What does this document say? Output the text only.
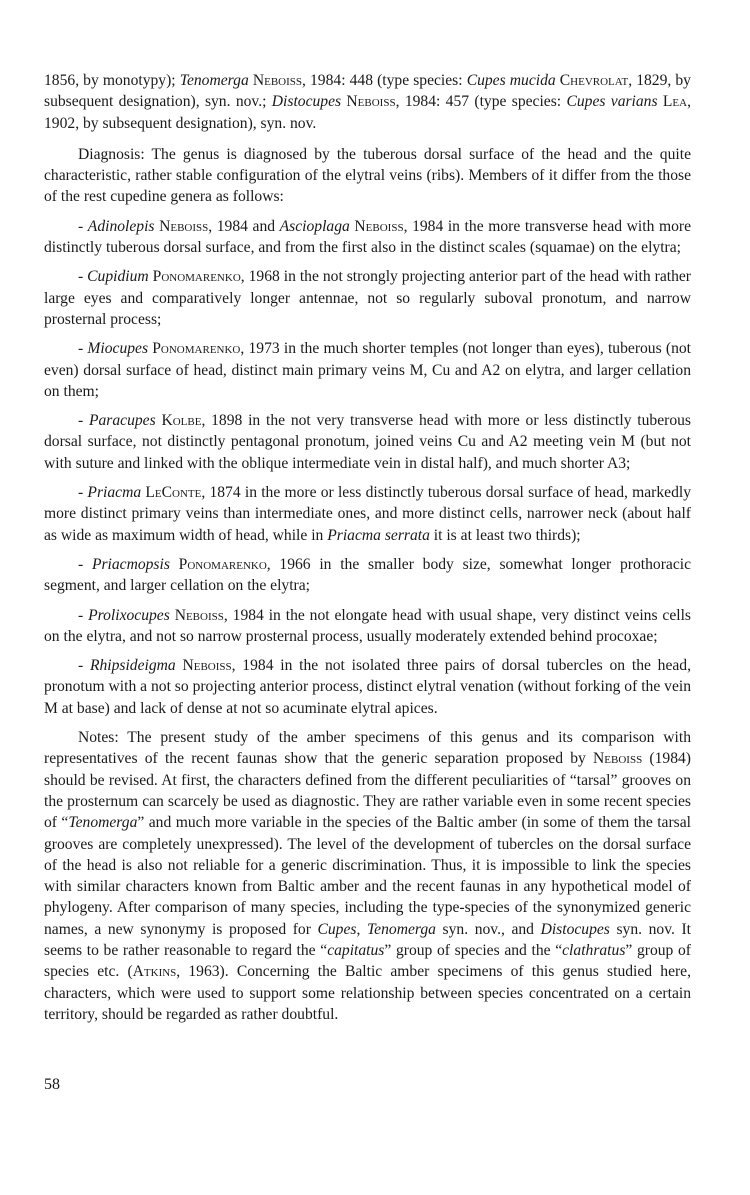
1856, by monotypy); Tenomerga Neboiss, 1984: 448 (type species: Cupes mucida Chevrolat, 1829, by subsequent designation), syn. nov.; Distocupes Neboiss, 1984: 457 (type species: Cupes varians Lea, 1902, by subsequent designation), syn. nov.

Diagnosis: The genus is diagnosed by the tuberous dorsal surface of the head and the quite characteristic, rather stable configuration of the elytral veins (ribs). Members of it differ from the those of the rest cupedine genera as follows:

- Adinolepis Neboiss, 1984 and Ascioplaga Neboiss, 1984 in the more transverse head with more distinctly tuberous dorsal surface, and from the first also in the distinct scales (squamae) on the elytra;

- Cupidium Ponomarenko, 1968 in the not strongly projecting anterior part of the head with rather large eyes and comparatively longer antennae, not so regularly suboval pronotum, and narrow prosternal process;

- Miocupes Ponomarenko, 1973 in the much shorter temples (not longer than eyes), tuberous (not even) dorsal surface of head, distinct main primary veins M, Cu and A2 on elytra, and larger cellation on them;

- Paracupes Kolbe, 1898 in the not very transverse head with more or less distinctly tuberous dorsal surface, not distinctly pentagonal pronotum, joined veins Cu and A2 meeting vein M (but not with suture and linked with the oblique intermediate vein in distal half), and much shorter A3;

- Priacma LeConte, 1874 in the more or less distinctly tuberous dorsal surface of head, markedly more distinct primary veins than intermediate ones, and more distinct cells, narrower neck (about half as wide as maximum width of head, while in Priacma serrata it is at least two thirds);

- Priacmopsis Ponomarenko, 1966 in the smaller body size, somewhat longer prothoracic segment, and larger cellation on the elytra;

- Prolixocupes Neboiss, 1984 in the not elongate head with usual shape, very distinct veins cells on the elytra, and not so narrow prosternal process, usually moderately extended behind procoxae;

- Rhipsideigma Neboiss, 1984 in the not isolated three pairs of dorsal tubercles on the head, pronotum with a not so projecting anterior process, distinct elytral venation (without forking of the vein M at base) and lack of dense at not so acuminate elytral apices.

Notes: The present study of the amber specimens of this genus and its comparison with representatives of the recent faunas show that the generic separation proposed by Neboiss (1984) should be revised. At first, the characters defined from the different peculiarities of “tarsal” grooves on the prosternum can scarcely be used as diagnostic. They are rather variable even in some recent species of “Tenomerga” and much more variable in the species of the Baltic amber (in some of them the tarsal grooves are completely unexpressed). The level of the development of tubercles on the dorsal surface of the head is also not reliable for a generic discrimination. Thus, it is impossible to link the species with similar characters known from Baltic amber and the recent faunas in any hypothetical model of phylogeny. After comparison of many species, including the type-species of the synonymized generic names, a new synonymy is proposed for Cupes, Tenomerga syn. nov., and Distocupes syn. nov. It seems to be rather reasonable to regard the “capitatus” group of species and the “clathratus” group of species etc. (Atkins, 1963). Concerning the Baltic amber specimens of this genus studied here, characters, which were used to support some relationship between species concentrated on a certain territory, should be regarded as rather doubtful.

58
